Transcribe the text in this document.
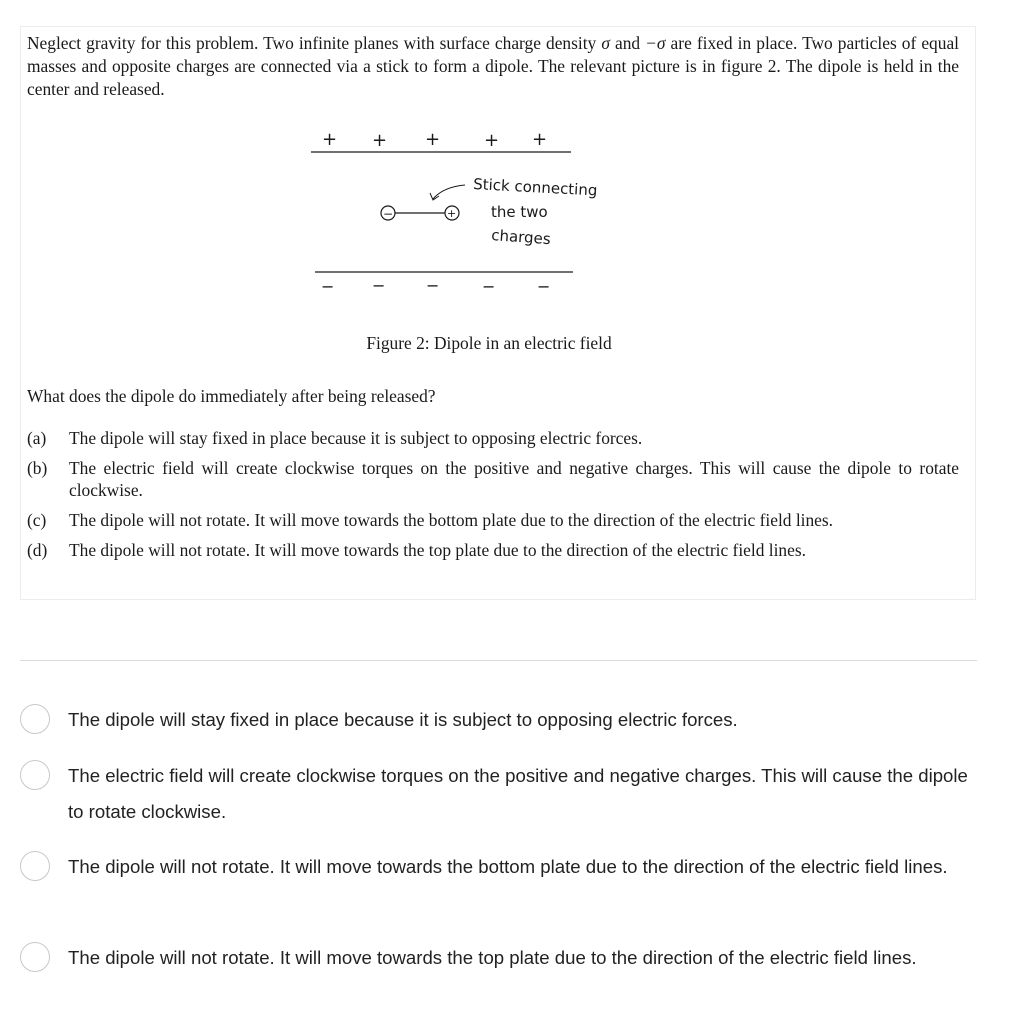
Neglect gravity for this problem. Two infinite planes with surface charge density σ and −σ are fixed in place. Two particles of equal masses and opposite charges are connected via a stick to form a dipole. The relevant picture is in figure 2. The dipole is held in the center and released.

+ + + + +
−	+
Stick connecting
the two
charges
− −	−	−	−
Figure 2: Dipole in an electric field

What does the dipole do immediately after being released?

(a)	The dipole will stay fixed in place because it is subject to opposing electric forces.
(b)	The electric field will create clockwise torques on the positive and negative charges. This will cause the dipole to rotate clockwise.
(c)	The dipole will not rotate. It will move towards the bottom plate due to the direction of the electric field lines.
(d)	The dipole will not rotate. It will move towards the top plate due to the direction of the electric field lines.
The dipole will stay fixed in place because it is subject to opposing electric forces.
The electric field will create clockwise torques on the positive and negative charges. This will cause the dipole to rotate clockwise.
The dipole will not rotate. It will move towards the bottom plate due to the direction of the electric field lines.
The dipole will not rotate. It will move towards the top plate due to the direction of the electric field lines.
